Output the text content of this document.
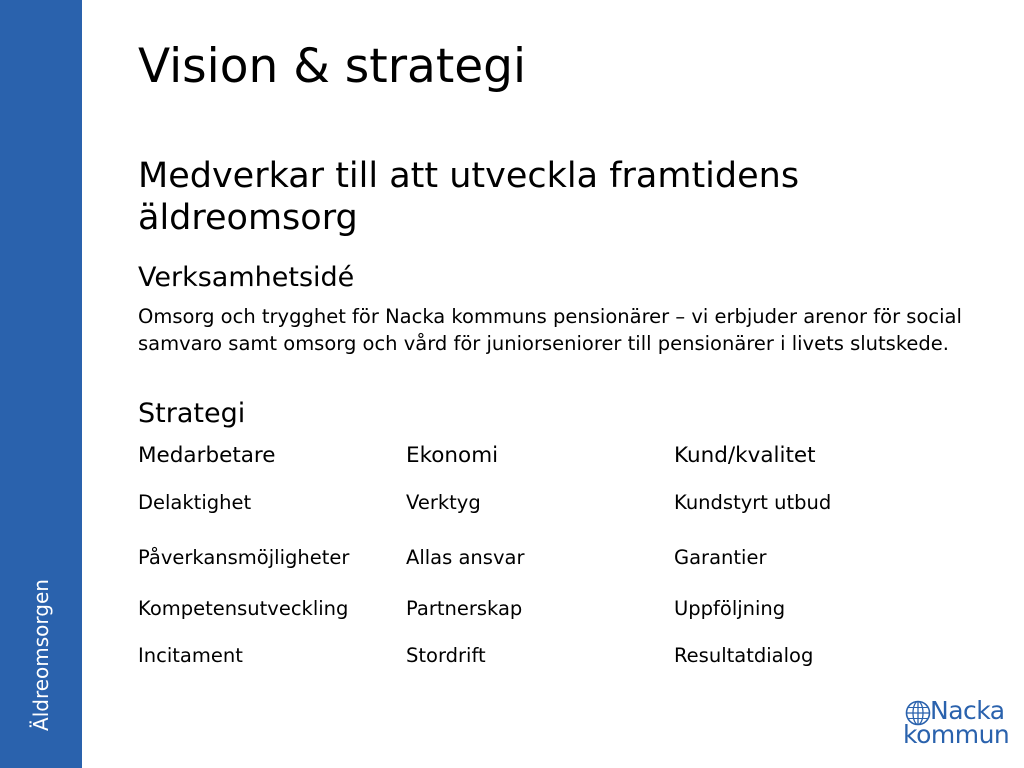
Äldreomsorgen
Vision & strategi
Medverkar till att utveckla framtidens äldreomsorg
Verksamhetsidé

Omsorg och trygghet för Nacka kommuns pensionärer – vi erbjuder arenor för social samvaro samt omsorg och vård för juniorseniorer till pensionärer i livets slutskede.

Strategi
Medarbetare	Ekonomi	Kund/kvalitet
Delaktighet	Verktyg	Kundstyrt utbud
Påverkansmöjligheter	Allas ansvar	Garantier
Kompetensutveckling	Partnerskap	Uppföljning
Incitament	Stordrift	Resultatdialog
Nacka
kommun
